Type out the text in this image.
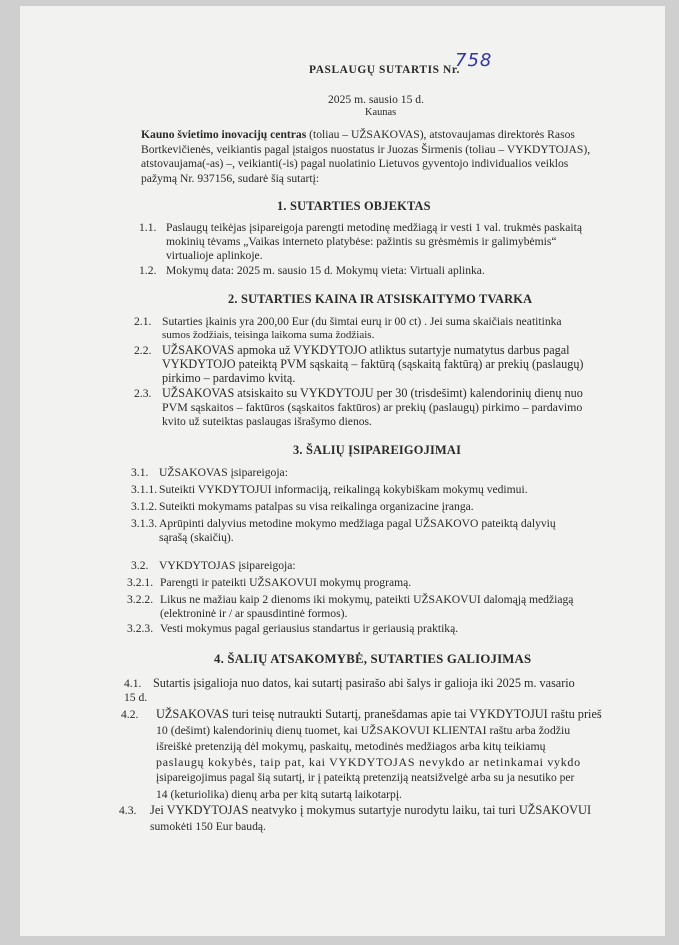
PASLAUGŲ SUTARTIS Nr.
758
2025 m. sausio 15 d.
Kaunas
Kauno švietimo inovacijų centras (toliau – UŽSAKOVAS), atstovaujamas direktorės Rasos
Bortkevičienės, veikiantis pagal įstaigos nuostatus ir Juozas Širmenis (toliau – VYKDYTOJAS),
atstovaujama(-as) –, veikianti(-is) pagal nuolatinio Lietuvos gyventojo individualios veiklos
pažymą Nr. 937156, sudarė šią sutartį:
1. SUTARTIES OBJEKTAS
1.1. Paslaugų teikėjas įsipareigoja parengti metodinę medžiagą ir vesti 1 val. trukmės paskaitą
mokinių tėvams „Vaikas interneto platybėse: pažintis su grėsmėmis ir galimybėmis“
virtualioje aplinkoje.
1.2. Mokymų data: 2025 m. sausio 15 d. Mokymų vieta: Virtuali aplinka.
2. SUTARTIES KAINA IR ATSISKAITYMO TVARKA
2.1. Sutarties įkainis yra 200,00 Eur (du šimtai eurų ir 00 ct) . Jei suma skaičiais neatitinka
sumos žodžiais, teisinga laikoma suma žodžiais.
2.2. UŽSAKOVAS apmoka už VYKDYTOJO atliktus sutartyje numatytus darbus pagal
VYKDYTOJO pateiktą PVM sąskaitą – faktūrą (sąskaitą faktūrą) ar prekių (paslaugų)
pirkimo – pardavimo kvitą.
2.3. UŽSAKOVAS atsiskaito su VYKDYTOJU per 30 (trisdešimt) kalendorinių dienų nuo
PVM sąskaitos – faktūros (sąskaitos faktūros) ar prekių (paslaugų) pirkimo – pardavimo
kvito už suteiktas paslaugas išrašymo dienos.
3. ŠALIŲ ĮSIPAREIGOJIMAI
3.1. UŽSAKOVAS įsipareigoja:
3.1.1. Suteikti VYKDYTOJUI informaciją, reikalingą kokybiškam mokymų vedimui.
3.1.2. Suteikti mokymams patalpas su visa reikalinga organizacine įranga.
3.1.3. Aprūpinti dalyvius metodine mokymo medžiaga pagal UŽSAKOVO pateiktą dalyvių
sąrašą (skaičių).
3.2. VYKDYTOJAS įsipareigoja:
3.2.1. Parengti ir pateikti UŽSAKOVUI mokymų programą.
3.2.2. Likus ne mažiau kaip 2 dienoms iki mokymų, pateikti UŽSAKOVUI dalomąją medžiagą
(elektroninė ir / ar spausdintinė formos).
3.2.3. Vesti mokymus pagal geriausius standartus ir geriausią praktiką.
4. ŠALIŲ ATSAKOMYBĖ, SUTARTIES GALIOJIMAS
4.1. Sutartis įsigalioja nuo datos, kai sutartį pasirašo abi šalys ir galioja iki 2025 m. vasario
15 d.
4.2. UŽSAKOVAS turi teisę nutraukti Sutartį, pranešdamas apie tai VYKDYTOJUI raštu prieš
10 (dešimt) kalendorinių dienų tuomet, kai UŽSAKOVUI KLIENTAI raštu arba žodžiu
išreiškė pretenziją dėl mokymų, paskaitų, metodinės medžiagos arba kitų teikiamų
paslaugų kokybės, taip pat, kai VYKDYTOJAS nevykdo ar netinkamai vykdo
įsipareigojimus pagal šią sutartį, ir į pateiktą pretenziją neatsižvelgė arba su ja nesutiko per
14 (keturiolika) dienų arba per kitą sutartą laikotarpį.
4.3. Jei VYKDYTOJAS neatvyko į mokymus sutartyje nurodytu laiku, tai turi UŽSAKOVUI
sumokėti 150 Eur baudą.
